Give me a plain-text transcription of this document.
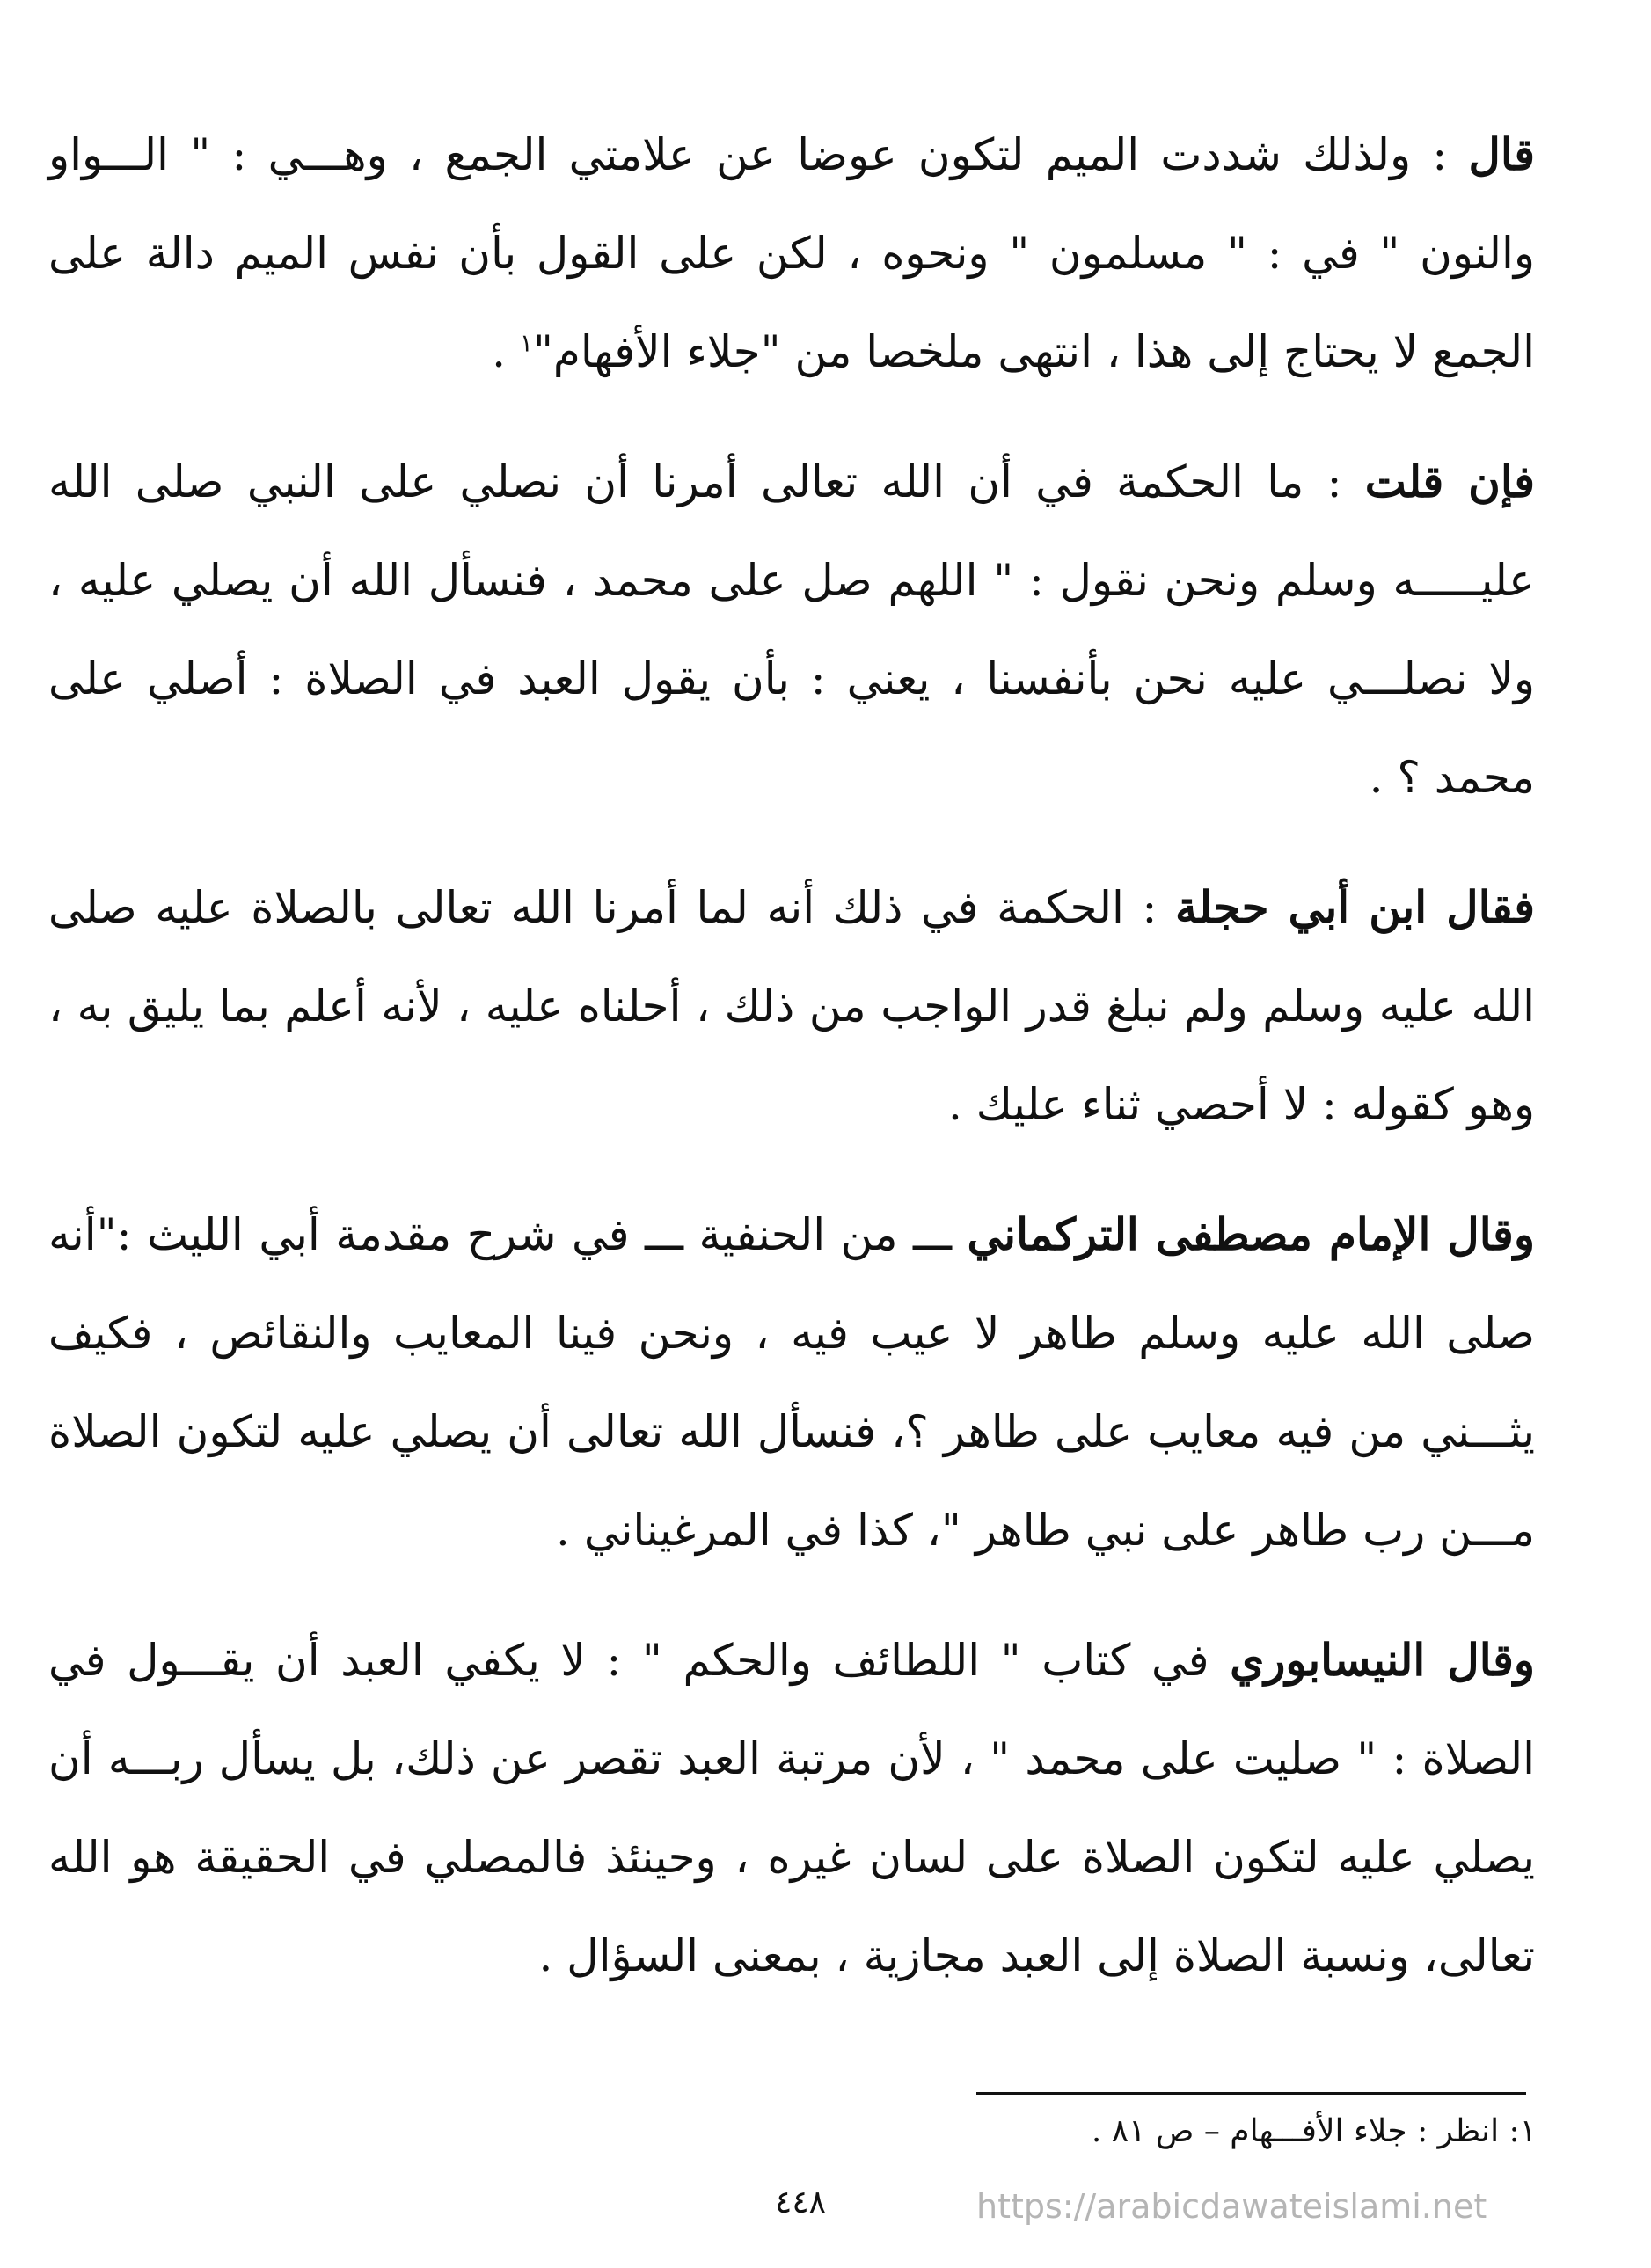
قال : ولذلك شددت الميم لتكون عوضا عن علامتي الجمع ، وهـــي : " الـــواو والنون " في : " مسلمون " ونحوه ، لكن على القول بأن نفس الميم دالة على الجمع لا يحتاج إلى هذا ، انتهى ملخصا من "جلاء الأفهام"$^١$ .

فإن قلت : ما الحكمة في أن الله تعالى أمرنا أن نصلي على النبي صلى الله عليـــــه وسلم ونحن نقول : " اللهم صل على محمد ، فنسأل الله أن يصلي عليه ، ولا نصلـــي عليه نحن بأنفسنا ، يعني : بأن يقول العبد في الصلاة : أصلي على محمد ؟ .

فقال ابن أبي حجلة : الحكمة في ذلك أنه لما أمرنا الله تعالى بالصلاة عليه صلى الله عليه وسلم ولم نبلغ قدر الواجب من ذلك ، أحلناه عليه ، لأنه أعلم بما يليق به ، وهو كقوله : لا أحصي ثناء عليك .

وقال الإمام مصطفى التركماني ـــ من الحنفية ـــ في شرح مقدمة أبي الليث :"أنه صلى الله عليه وسلم طاهر لا عيب فيه ، ونحن فينا المعايب والنقائص ، فكيف يثـــني من فيه معايب على طاهر ؟، فنسأل الله تعالى أن يصلي عليه لتكون الصلاة مـــن رب طاهر على نبي طاهر "، كذا في المرغيناني .

وقال النيسابوري في كتاب " اللطائف والحكم " : لا يكفي العبد أن يقـــول في الصلاة : " صليت على محمد " ، لأن مرتبة العبد تقصر عن ذلك، بل يسأل ربـــه أن يصلي عليه لتكون الصلاة على لسان غيره ، وحينئذ فالمصلي في الحقيقة هو الله تعالى، ونسبة الصلاة إلى العبد مجازية ، بمعنى السؤال .

١: انظر : جلاء الأفـــهام – ص ٨١ .
٤٤٨	https://arabicdawateislami.net
